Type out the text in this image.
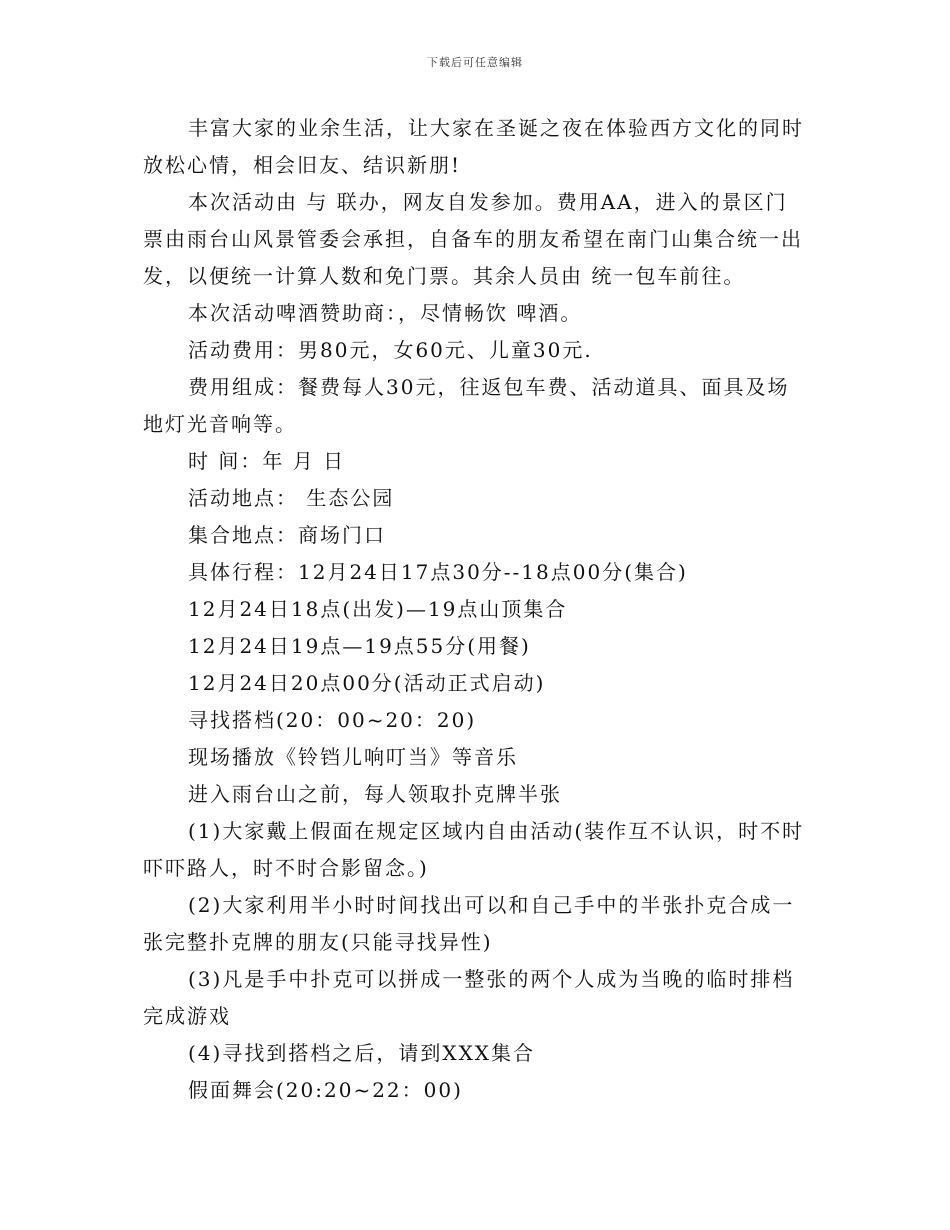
下载后可任意编辑

丰富大家的业余生活，让大家在圣诞之夜在体验西方文化的同时放松心情，相会旧友、结识新朋!

本次活动由 与 联办，网友自发参加。费用AA，进入的景区门票由雨台山风景管委会承担，自备车的朋友希望在南门山集合统一出发，以便统一计算人数和免门票。其余人员由 统一包车前往。

本次活动啤酒赞助商：，尽情畅饮 啤酒。

活动费用：男80元，女60元、儿童30元.

费用组成：餐费每人30元，往返包车费、活动道具、面具及场地灯光音响等。

时 间：年 月 日

活动地点： 生态公园

集合地点：商场门口

具体行程：12月24日17点30分--18点00分(集合)

12月24日18点(出发)—19点山顶集合

12月24日19点—19点55分(用餐)

12月24日20点00分(活动正式启动)

寻找搭档(20：00~20：20)

现场播放《铃铛儿响叮当》等音乐

进入雨台山之前，每人领取扑克牌半张

(1)大家戴上假面在规定区域内自由活动(装作互不认识，时不时吓吓路人，时不时合影留念。)

(2)大家利用半小时时间找出可以和自己手中的半张扑克合成一张完整扑克牌的朋友(只能寻找异性)

(3)凡是手中扑克可以拼成一整张的两个人成为当晚的临时排档完成游戏

(4)寻找到搭档之后，请到XXX集合

假面舞会(20:20~22：00)
